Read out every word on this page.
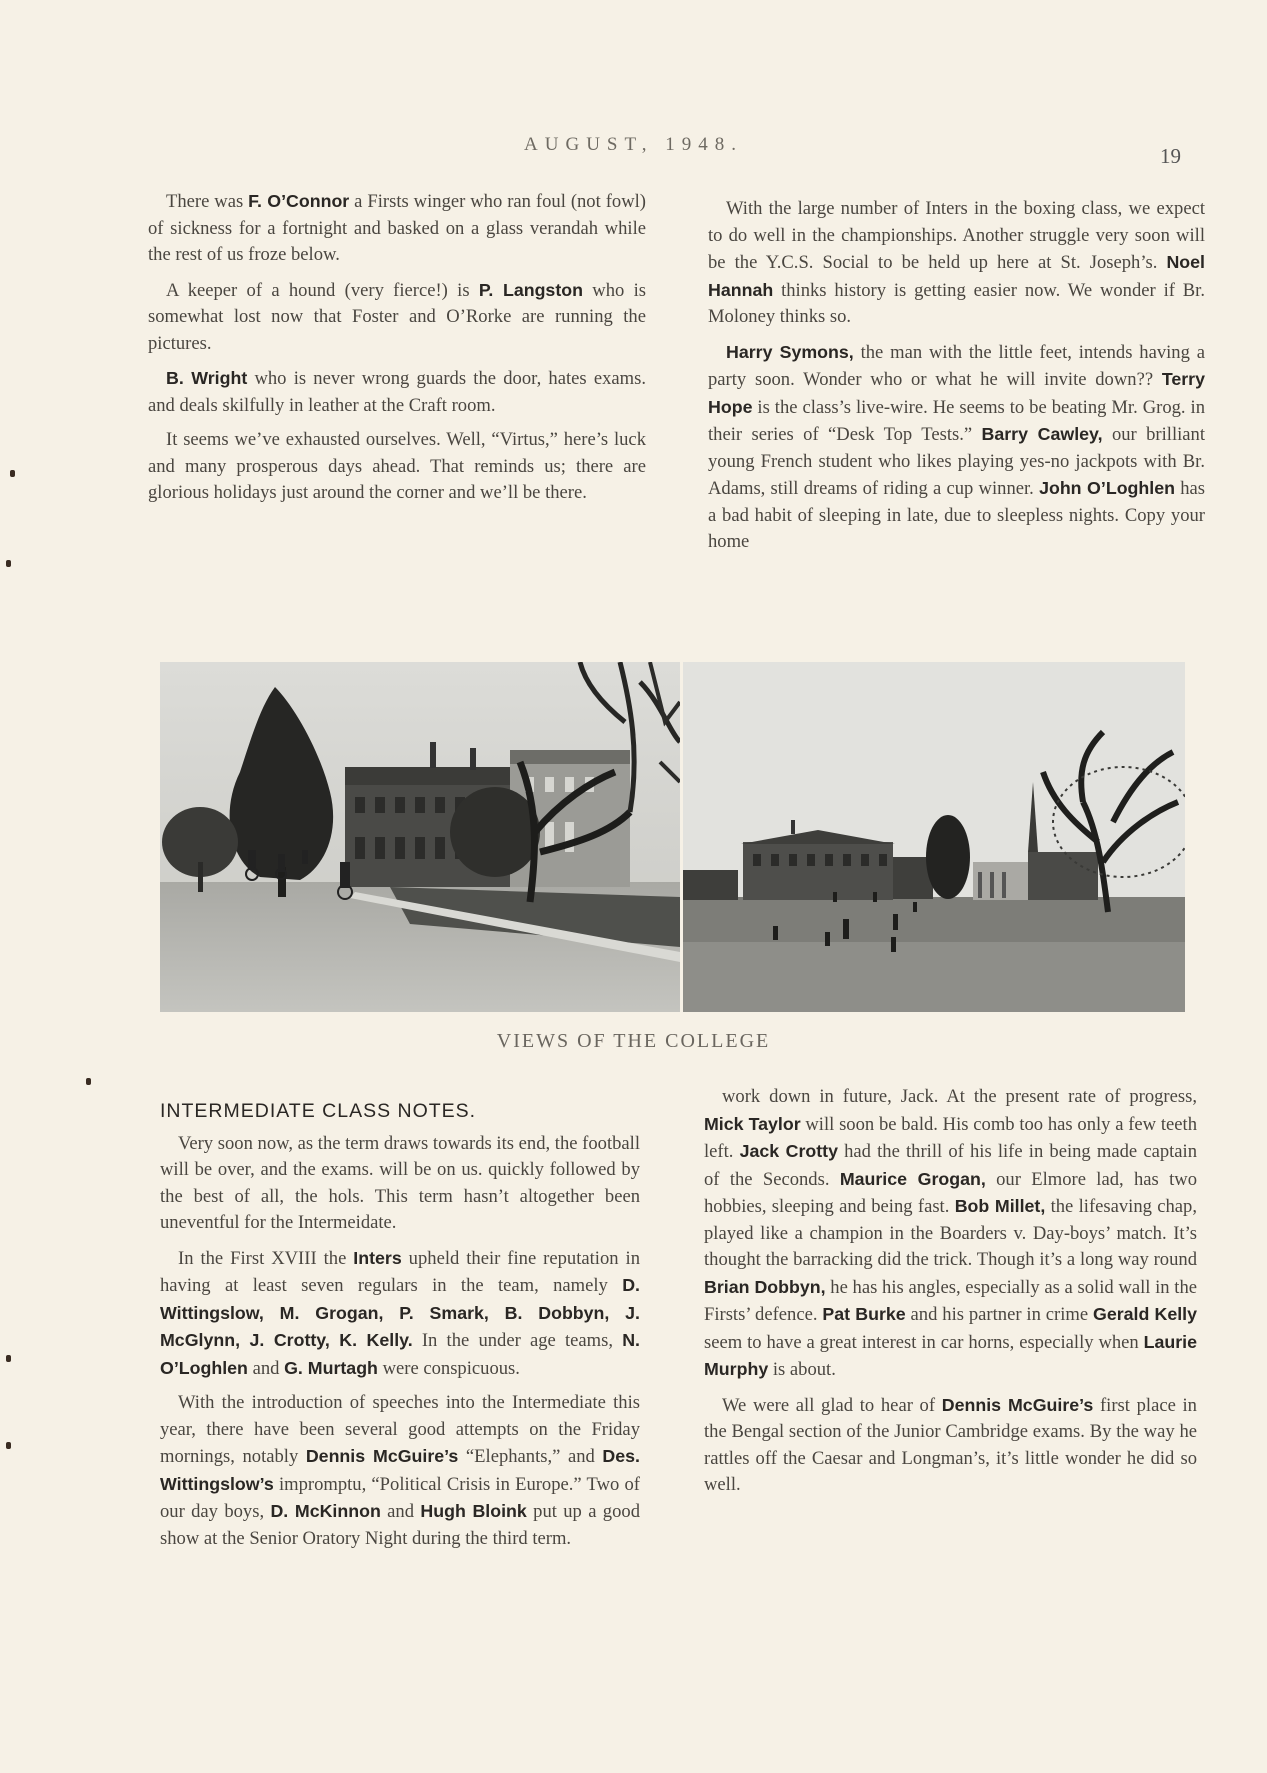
AUGUST, 1948.	19

There was F. O’Connor a Firsts winger who ran foul (not fowl) of sickness for a fortnight and basked on a glass verandah while the rest of us froze below.

A keeper of a hound (very fierce!) is P. Langston who is somewhat lost now that Foster and O’Rorke are running the pictures.

B. Wright who is never wrong guards the door, hates exams. and deals skilfully in leather at the Craft room.

It seems we’ve exhausted ourselves. Well, “Virtus,” here’s luck and many prosperous days ahead. That reminds us; there are glorious holidays just around the corner and we’ll be there.

With the large number of Inters in the boxing class, we expect to do well in the championships. Another struggle very soon will be the Y.C.S. Social to be held up here at St. Joseph’s. Noel Hannah thinks history is getting easier now. We wonder if Br. Moloney thinks so.

Harry Symons, the man with the little feet, intends having a party soon. Wonder who or what he will invite down?? Terry Hope is the class’s live-wire. He seems to be beating Mr. Grog. in their series of “Desk Top Tests.” Barry Cawley, our brilliant young French student who likes playing yes-no jackpots with Br. Adams, still dreams of riding a cup winner. John O’Loghlen has a bad habit of sleeping in late, due to sleepless nights. Copy your home

VIEWS OF THE COLLEGE
INTERMEDIATE CLASS NOTES.

Very soon now, as the term draws towards its end, the football will be over, and the exams. will be on us. quickly followed by the best of all, the hols. This term hasn’t altogether been uneventful for the Intermeidate.

In the First XVIII the Inters upheld their fine reputation in having at least seven regulars in the team, namely D. Wittingslow, M. Grogan, P. Smark, B. Dobbyn, J. McGlynn, J. Crotty, K. Kelly. In the under age teams, N. O’Loghlen and G. Murtagh were conspicuous.

With the introduction of speeches into the Intermediate this year, there have been several good attempts on the Friday mornings, notably Dennis McGuire’s “Elephants,” and Des. Wittingslow’s impromptu, “Political Crisis in Europe.” Two of our day boys, D. McKinnon and Hugh Bloink put up a good show at the Senior Oratory Night during the third term.

work down in future, Jack. At the present rate of progress, Mick Taylor will soon be bald. His comb too has only a few teeth left. Jack Crotty had the thrill of his life in being made captain of the Seconds. Maurice Grogan, our Elmore lad, has two hobbies, sleeping and being fast. Bob Millet, the lifesaving chap, played like a champion in the Boarders v. Day-boys’ match. It’s thought the barracking did the trick. Though it’s a long way round Brian Dobbyn, he has his angles, especially as a solid wall in the Firsts’ defence. Pat Burke and his partner in crime Gerald Kelly seem to have a great interest in car horns, especially when Laurie Murphy is about.

We were all glad to hear of Dennis McGuire’s first place in the Bengal section of the Junior Cambridge exams. By the way he rattles off the Caesar and Longman’s, it’s little wonder he did so well.
